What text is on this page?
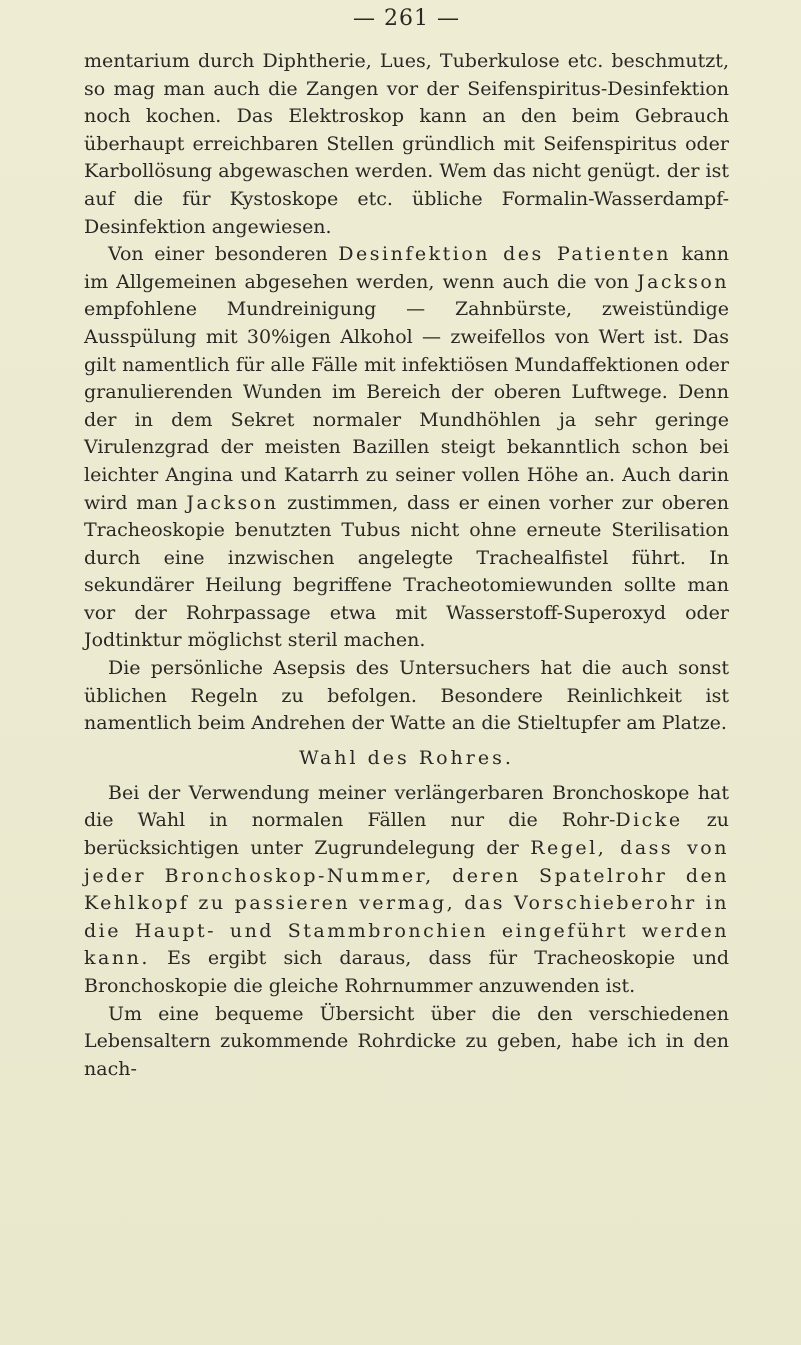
— 261 —

mentarium durch Diphtherie, Lues, Tuberkulose etc. beschmutzt, so mag man auch die Zangen vor der Seifenspiritus-Desinfektion noch kochen. Das Elektroskop kann an den beim Gebrauch überhaupt erreichbaren Stellen gründlich mit Seifenspiritus oder Karbollösung abgewaschen werden. Wem das nicht genügt. der ist auf die für Kystoskope etc. übliche Formalin-Wasserdampf-Desinfektion angewiesen.

Von einer besonderen Desinfektion des Patienten kann im Allgemeinen abgesehen werden, wenn auch die von Jackson empfohlene Mundreinigung — Zahnbürste, zweistündige Ausspülung mit 30%igen Alkohol — zweifellos von Wert ist. Das gilt namentlich für alle Fälle mit infektiösen Mundaffektionen oder granulierenden Wunden im Bereich der oberen Luftwege. Denn der in dem Sekret normaler Mundhöhlen ja sehr geringe Virulenzgrad der meisten Bazillen steigt bekanntlich schon bei leichter Angina und Katarrh zu seiner vollen Höhe an. Auch darin wird man Jackson zustimmen, dass er einen vorher zur oberen Tracheoskopie benutzten Tubus nicht ohne erneute Sterilisation durch eine inzwischen angelegte Trachealfistel führt. In sekundärer Heilung begriffene Tracheotomiewunden sollte man vor der Rohrpassage etwa mit Wasserstoff-Superoxyd oder Jodtinktur möglichst steril machen.

Die persönliche Asepsis des Untersuchers hat die auch sonst üblichen Regeln zu befolgen. Besondere Reinlichkeit ist namentlich beim Andrehen der Watte an die Stieltupfer am Platze.

Wahl des Rohres.

Bei der Verwendung meiner verlängerbaren Bronchoskope hat die Wahl in normalen Fällen nur die Rohr-Dicke zu berücksichtigen unter Zugrundelegung der Regel, dass von jeder Bronchoskop-Nummer, deren Spatelrohr den Kehlkopf zu passieren vermag, das Vorschieberohr in die Haupt- und Stammbronchien eingeführt werden kann. Es ergibt sich daraus, dass für Tracheoskopie und Bronchoskopie die gleiche Rohrnummer anzuwenden ist.

Um eine bequeme Übersicht über die den verschiedenen Lebensaltern zukommende Rohrdicke zu geben, habe ich in den nach-
